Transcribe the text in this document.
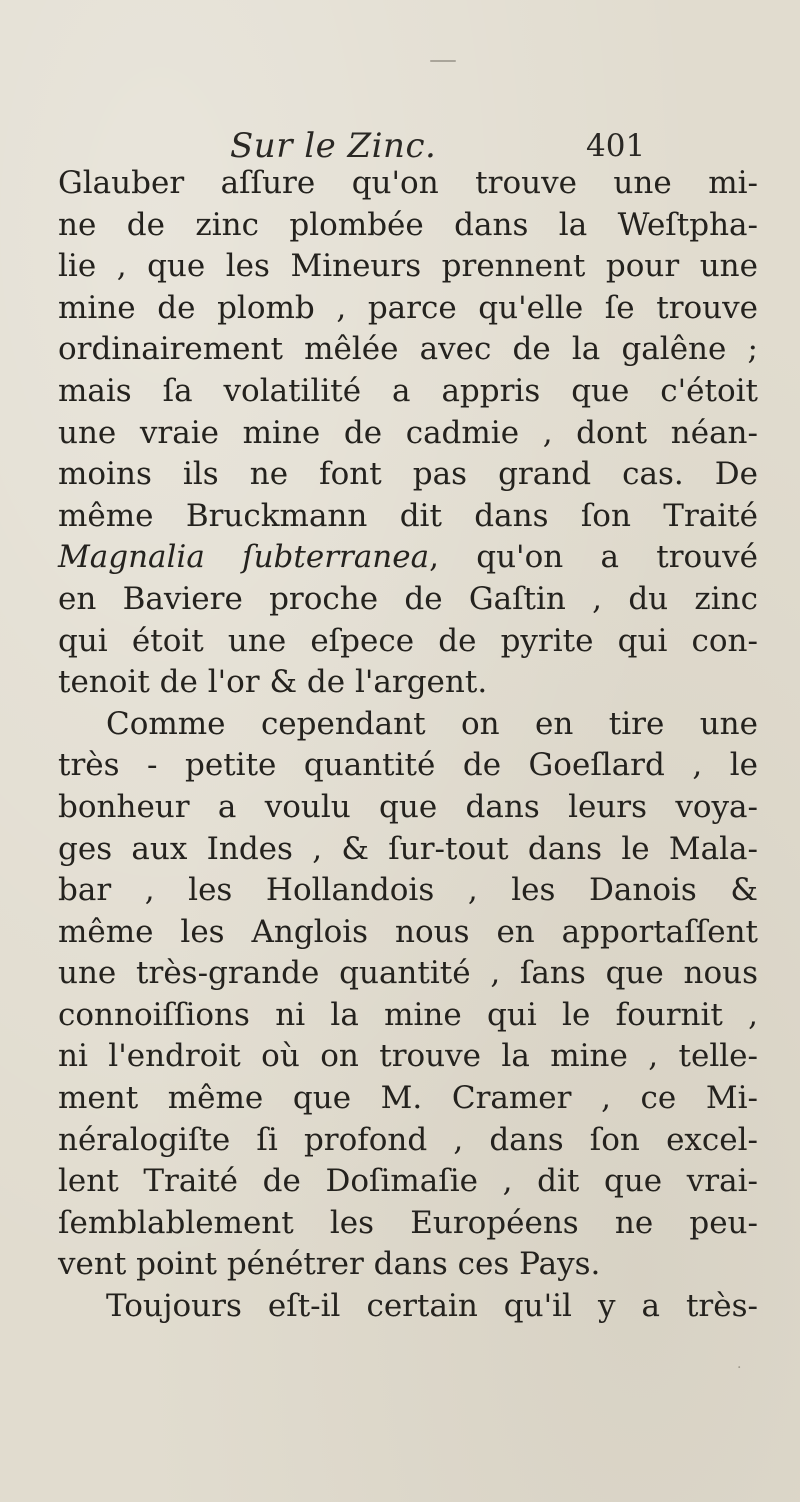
Sur le Zinc.	401
Glauber aſſure qu'on trouve une mi-
ne de zinc plombée dans la Weſtpha-
lie , que les Mineurs prennent pour une
mine de plomb , parce qu'elle ſe trouve
ordinairement mêlée avec de la galêne ;
mais ſa volatilité a appris que c'étoit
une vraie mine de cadmie , dont néan-
moins ils ne font pas grand cas. De
même Bruckmann dit dans ſon Traité
Magnalia ſubterranea, qu'on a trouvé
en Baviere proche de Gaſtin , du zinc
qui étoit une eſpece de pyrite qui con-
tenoit de l'or & de l'argent.
Comme cependant on en tire une
très - petite quantité de Goeſlard , le
bonheur a voulu que dans leurs voya-
ges aux Indes , & ſur-tout dans le Mala-
bar , les Hollandois , les Danois &
même les Anglois nous en apportaſſent
une très-grande quantité , ſans que nous
connoiſſions ni la mine qui le fournit ,
ni l'endroit où on trouve la mine , telle-
ment même que M. Cramer , ce Mi-
néralogiſte ſi profond , dans ſon excel-
lent Traité de Doſimaſie , dit que vrai-
ſemblablement les Européens ne peu-
vent point pénétrer dans ces Pays.
Toujours eſt-il certain qu'il y a très-
·
